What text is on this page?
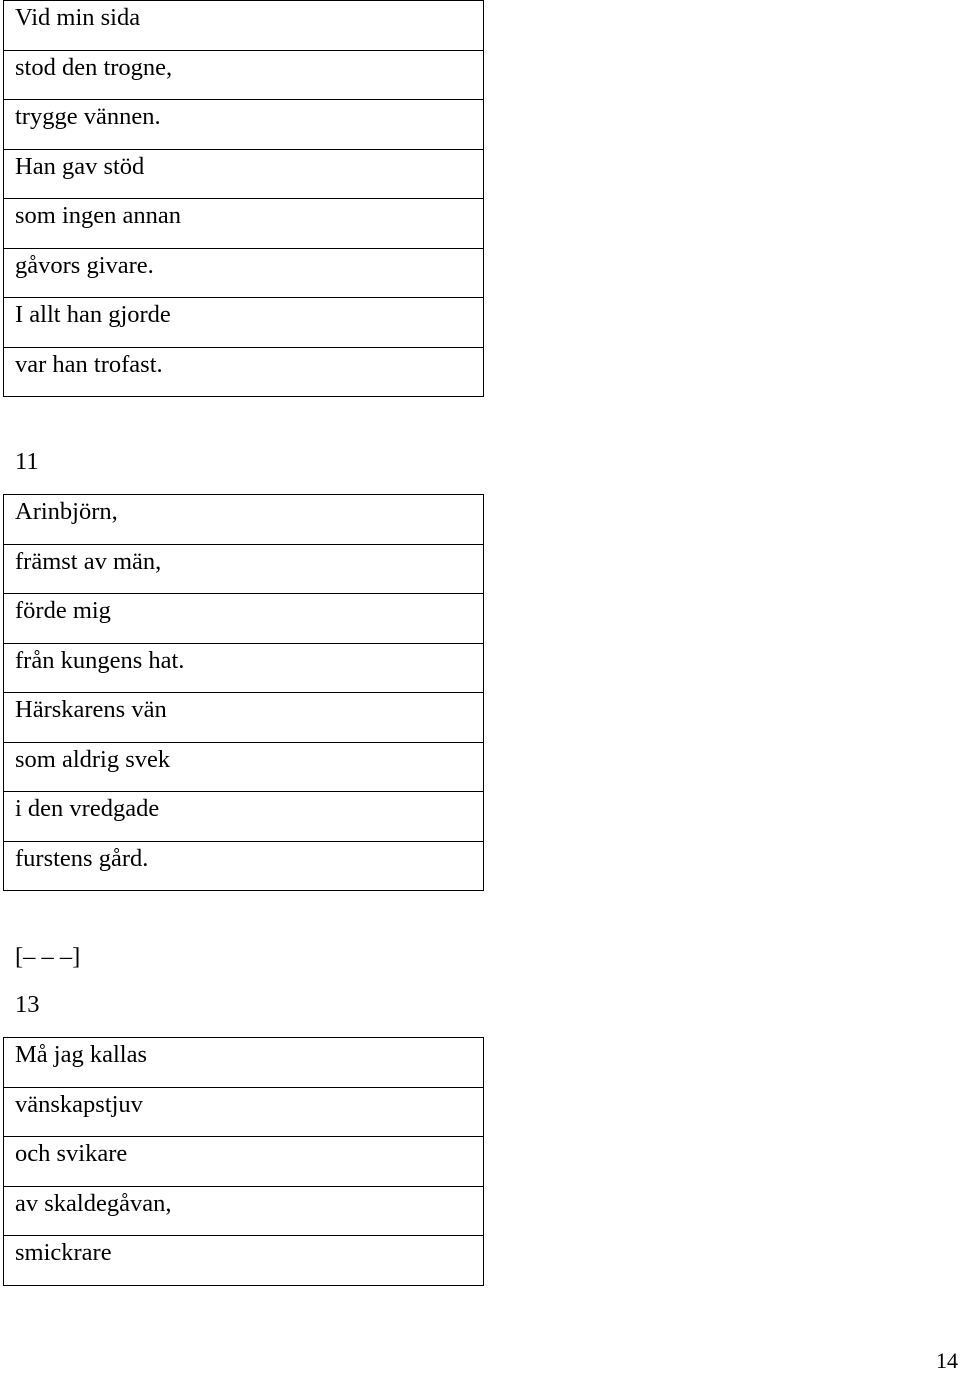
Vid min sida
stod den trogne,
trygge vännen.
Han gav stöd
som ingen annan
gåvors givare.
I allt han gjorde
var han trofast.
11
Arinbjörn,
främst av män,
förde mig
från kungens hat.
Härskarens vän
som aldrig svek
i den vredgade
furstens gård.
[– – –]
13
Må jag kallas
vänskapstjuv
och svikare
av skaldegåvan,
smickrare
14
